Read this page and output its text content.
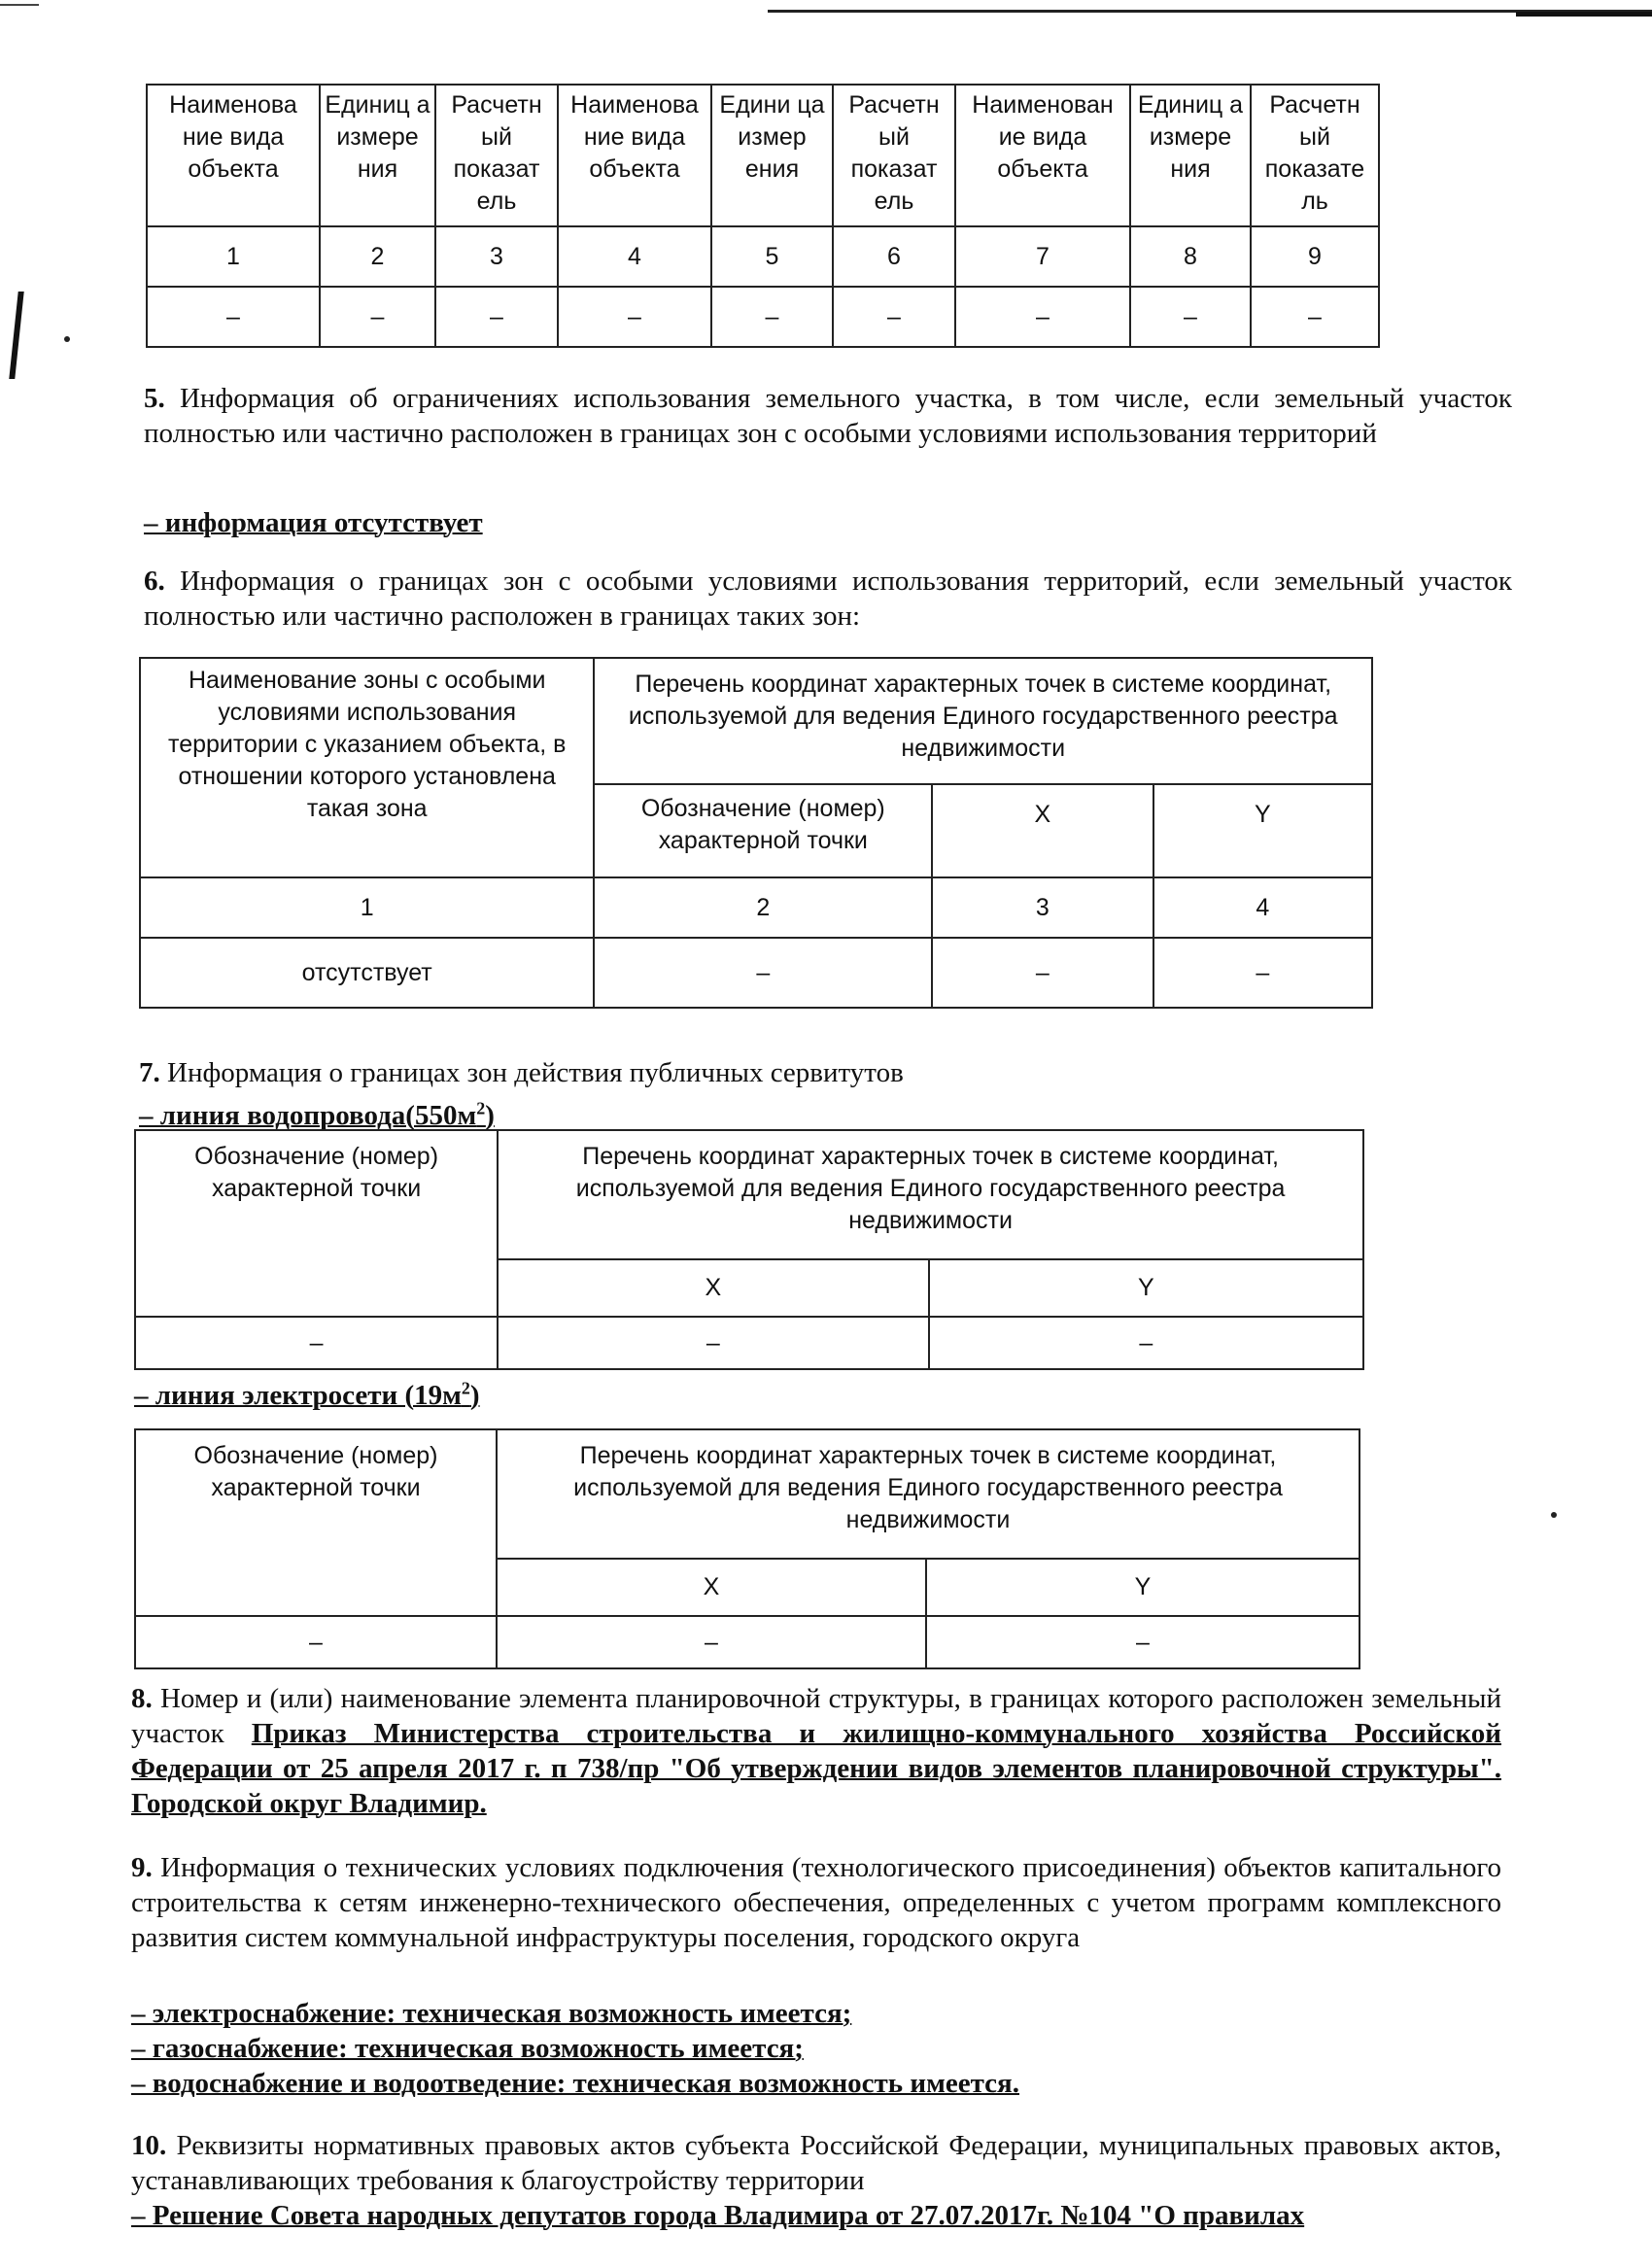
Наименова ние вида объекта	Единиц а измере ния	Расчетн ый показат ель	Наименова ние вида объекта	Едини ца измер ения	Расчетн ый показат ель	Наименован ие вида объекта	Единиц а измере ния	Расчетн ый показате ль
1	2	3	4	5	6	7	8	9
–	–	–	–	–	–	–	–	–
5. Информация об ограничениях использования земельного участка, в том числе, если земельный участок полностью или частично расположен в границах зон с особыми условиями использования территорий
– информация отсутствует
6. Информация о границах зон с особыми условиями использования территорий, если земельный участок полностью или частично расположен в границах таких зон:
Наименование зоны с особыми условиями использования территории с указанием объекта, в отношении которого установлена такая зона	Перечень координат характерных точек в системе координат, используемой для ведения Единого государственного реестра недвижимости		
	Обозначение (номер) характерной точки	X	Y
1	2	3	4
отсутствует	–	–	–
7. Информация о границах зон действия публичных сервитутов
– линия $водопровода(550м^2)$
Обозначение (номер) характерной точки	Перечень координат характерных точек в системе координат, используемой для ведения Единого государственного реестра недвижимости	
	X	Y
–	–	–
– линия электросети $(19м^2)$
Обозначение (номер) характерной точки	Перечень координат характерных точек в системе координат, используемой для ведения Единого государственного реестра недвижимости	
	X	Y
–	–	–
8. Номер и (или) наименование элемента планировочной структуры, в границах которого расположен земельный участок Приказ Министерства строительства и жилищно-коммунального хозяйства Российской Федерации от 25 апреля 2017 г. п 738/пр "Об утверждении видов элементов планировочной структуры". Городской округ Владимир.
9. Информация о технических условиях подключения (технологического присоединения) объектов капитального строительства к сетям инженерно-технического обеспечения, определенных с учетом программ комплексного развития систем коммунальной инфраструктуры поселения, городского округа
– электроснабжение: техническая возможность имеется;
– газоснабжение: техническая возможность имеется;
– водоснабжение и водоотведение: техническая возможность имеется.
10. Реквизиты нормативных правовых актов субъекта Российской Федерации, муниципальных правовых актов, устанавливающих требования к благоустройству территории
– Решение Совета народных депутатов города Владимира от 27.07.2017г. №104 "О правилах
